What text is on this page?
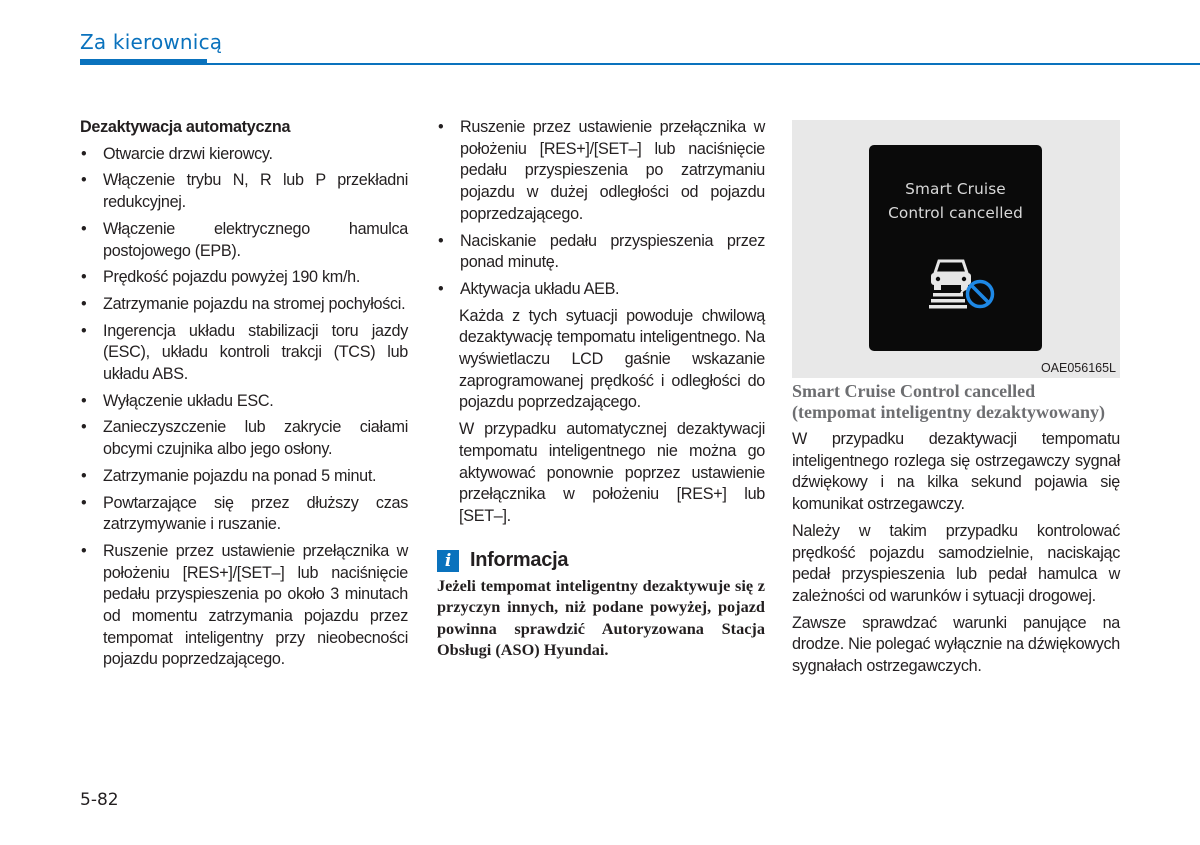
Za kierownicą
Dezaktywacja automatyczna
• Otwarcie drzwi kierowcy.
• Włączenie trybu N, R lub P przekładni redukcyjnej.
• Włączenie elektrycznego hamulca postojowego (EPB).
• Prędkość pojazdu powyżej 190 km/h.
• Zatrzymanie pojazdu na stromej pochyłości.
• Ingerencja układu stabilizacji toru jazdy (ESC), układu kontroli trakcji (TCS) lub układu ABS.
• Wyłączenie układu ESC.
• Zanieczyszczenie lub zakrycie ciałami obcymi czujnika albo jego osłony.
• Zatrzymanie pojazdu na ponad 5 minut.
• Powtarzające się przez dłuższy czas zatrzymywanie i ruszanie.
• Ruszenie przez ustawienie przełącznika w położeniu [RES+]/[SET–] lub naciśnięcie pedału przyspieszenia po około 3 minutach od momentu zatrzymania pojazdu przez tempomat inteligentny przy nieobecności pojazdu poprzedzającego.
• Ruszenie przez ustawienie przełącznika w położeniu [RES+]/[SET–] lub naciśnięcie pedału przyspieszenia po zatrzymaniu pojazdu w dużej odległości od pojazdu poprzedzającego.
• Naciskanie pedału przyspieszenia przez ponad minutę.
• Aktywacja układu AEB.
Każda z tych sytuacji powoduje chwilową dezaktywację tempomatu inteligentnego. Na wyświetlaczu LCD gaśnie wskazanie zaprogramowanej prędkość i odległości do pojazdu poprzedzającego.
W przypadku automatycznej dezaktywacji tempomatu inteligentnego nie można go aktywować ponownie poprzez ustawienie przełącznika w położeniu [RES+] lub [SET–].
i Informacja
Jeżeli tempomat inteligentny dezaktywuje się z przyczyn innych, niż podane powyżej, pojazd powinna sprawdzić Autoryzowana Stacja Obsługi (ASO) Hyundai.
Smart Cruise
Control cancelled
OAE056165L
Smart Cruise Control cancelled (tempomat inteligentny dezaktywowany)
W przypadku dezaktywacji tempomatu inteligentnego rozlega się ostrzegawczy sygnał dźwiękowy i na kilka sekund pojawia się komunikat ostrzegawczy.
Należy w takim przypadku kontrolować prędkość pojazdu samodzielnie, naciskając pedał przyspieszenia lub pedał hamulca w zależności od warunków i sytuacji drogowej.
Zawsze sprawdzać warunki panujące na drodze. Nie polegać wyłącznie na dźwiękowych sygnałach ostrzegawczych.
5-82
